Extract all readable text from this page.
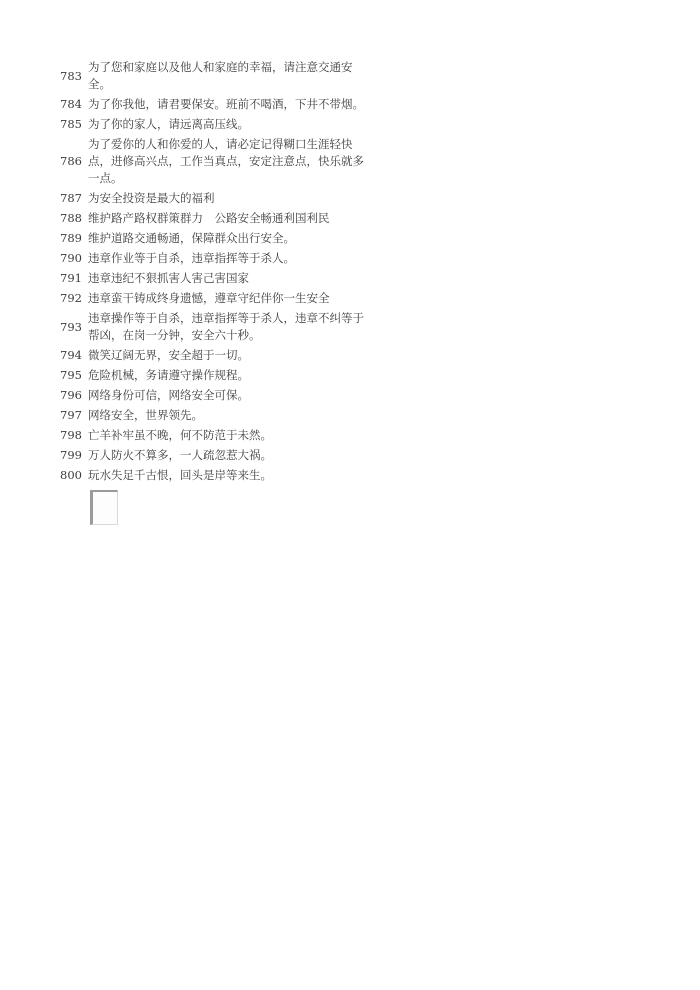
783
为了您和家庭以及他人和家庭的幸福，请注意交通安全。
784 为了你我他，请君要保安。班前不喝酒，下井不带烟。
785 为了你的家人，请远离高压线。
786
为了爱你的人和你爱的人，请必定记得糊口生涯轻快点，进修高兴点，工作当真点，安定注意点，快乐就多一点。
787 为安全投资是最大的福利
788 维护路产路权群策群力　公路安全畅通利国利民
789 维护道路交通畅通，保障群众出行安全。
790 违章作业等于自杀，违章指挥等于杀人。
791 违章违纪不狠抓害人害己害国家
792 违章蛮干铸成终身遗憾，遵章守纪伴你一生安全
793
违章操作等于自杀，违章指挥等于杀人，违章不纠等于帮凶，在岗一分钟，安全六十秒。
794 微笑辽阔无界，安全超于一切。
795 危险机械，务请遵守操作规程。
796 网络身份可信，网络安全可保。
797 网络安全，世界领先。
798 亡羊补牢虽不晚，何不防范于未然。
799 万人防火不算多，一人疏忽惹大祸。
800 玩水失足千古恨，回头是岸等来生。
